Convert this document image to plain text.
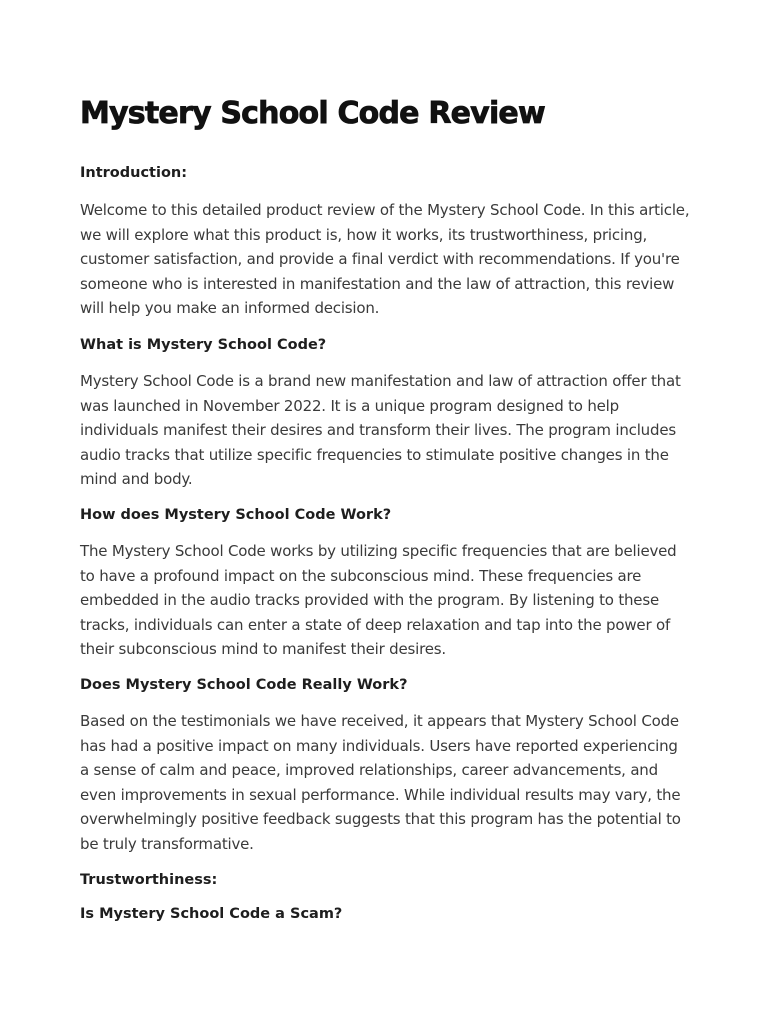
Mystery School Code Review

Introduction:

Welcome to this detailed product review of the Mystery School Code. In this article, we will explore what this product is, how it works, its trustworthiness, pricing, customer satisfaction, and provide a final verdict with recommendations. If you're someone who is interested in manifestation and the law of attraction, this review will help you make an informed decision.

What is Mystery School Code?

Mystery School Code is a brand new manifestation and law of attraction offer that was launched in November 2022. It is a unique program designed to help individuals manifest their desires and transform their lives. The program includes audio tracks that utilize specific frequencies to stimulate positive changes in the mind and body.

How does Mystery School Code Work?

The Mystery School Code works by utilizing specific frequencies that are believed to have a profound impact on the subconscious mind. These frequencies are embedded in the audio tracks provided with the program. By listening to these tracks, individuals can enter a state of deep relaxation and tap into the power of their subconscious mind to manifest their desires.

Does Mystery School Code Really Work?

Based on the testimonials we have received, it appears that Mystery School Code has had a positive impact on many individuals. Users have reported experiencing a sense of calm and peace, improved relationships, career advancements, and even improvements in sexual performance. While individual results may vary, the overwhelmingly positive feedback suggests that this program has the potential to be truly transformative.

Trustworthiness:

Is Mystery School Code a Scam?
